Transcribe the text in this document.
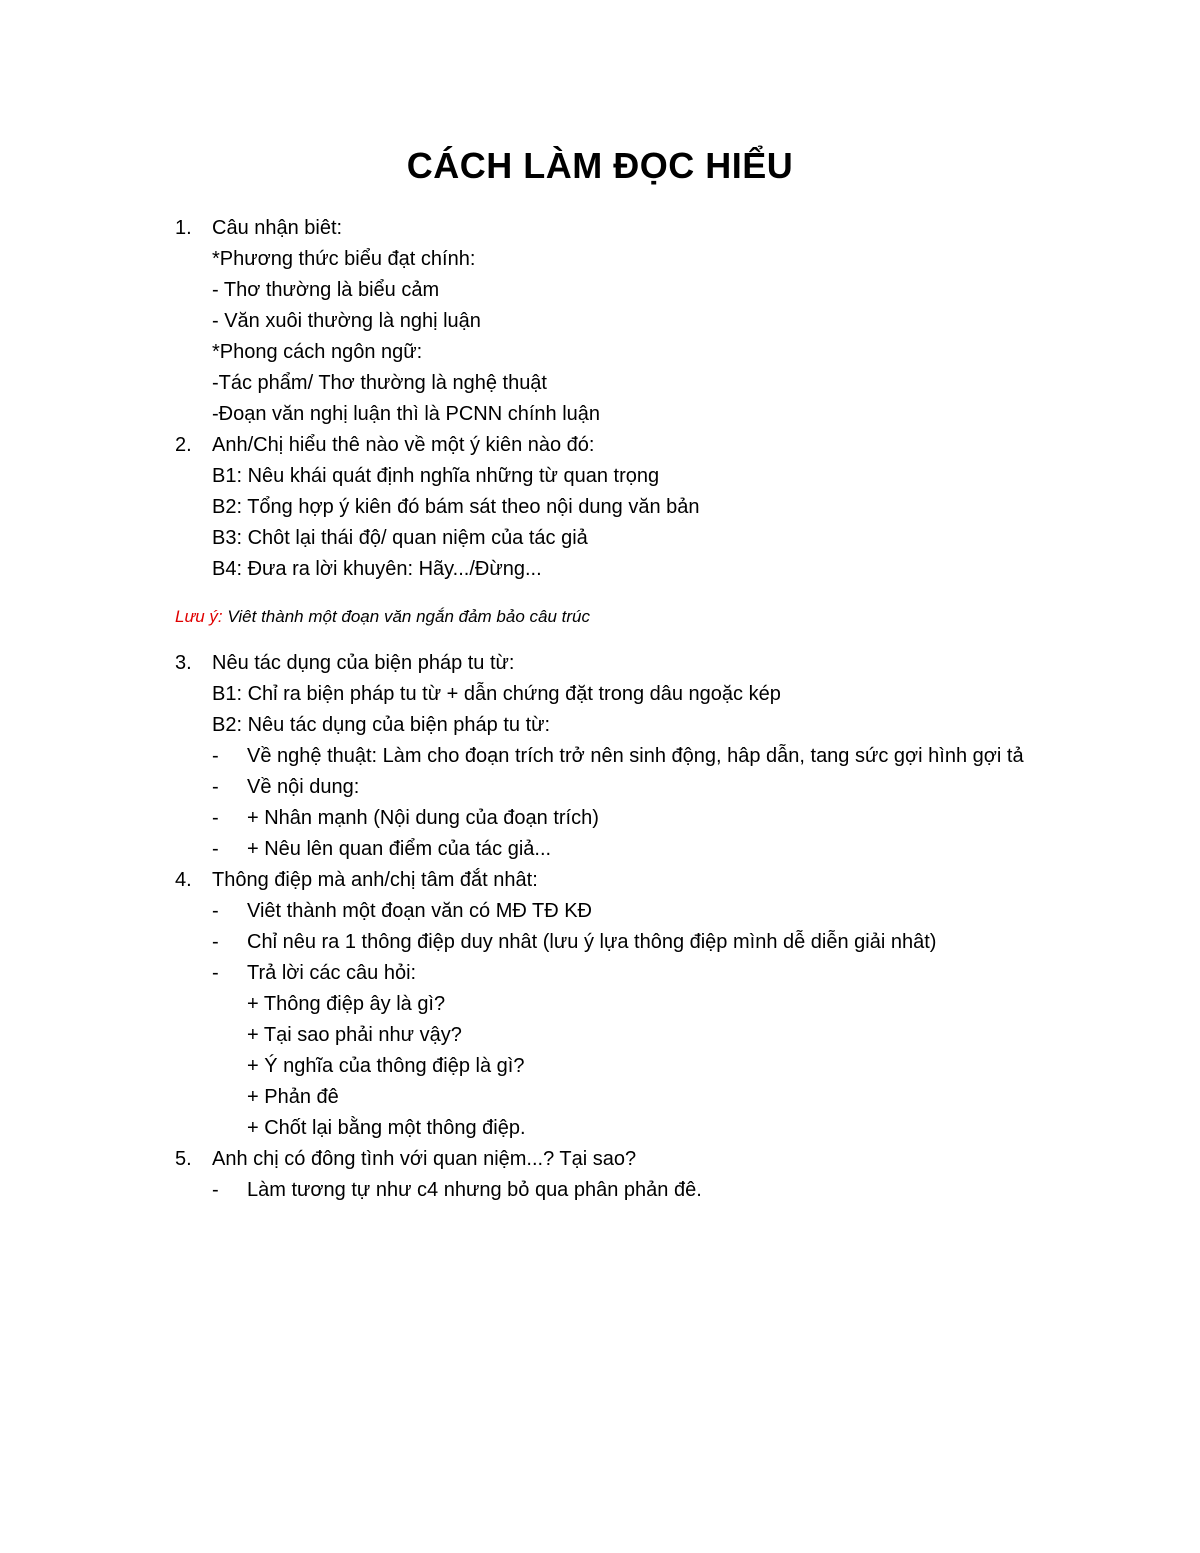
CÁCH LÀM ĐỌC HIỂU
1. Câu nhận biêt:
*Phương thức biểu đạt chính:
- Thơ thường là biểu cảm
- Văn xuôi thường là nghị luận
*Phong cách ngôn ngữ:
-Tác phẩm/ Thơ thường là nghệ thuật
-Đoạn văn nghị luận thì là PCNN chính luận
2. Anh/Chị hiểu thê nào về một ý kiên nào đó:
B1: Nêu khái quát định nghĩa những từ quan trọng
B2: Tổng hợp ý kiên đó bám sát theo nội dung văn bản
B3: Chôt lại thái độ/ quan niệm của tác giả
B4: Đưa ra lời khuyên: Hãy.../Đừng...
Lưu ý: Viêt thành một đoạn văn ngắn đảm bảo câu trúc
3. Nêu tác dụng của biện pháp tu từ:
B1: Chỉ ra biện pháp tu từ + dẫn chứng đặt trong dâu ngoặc kép
B2: Nêu tác dụng của biện pháp tu từ:
- Về nghệ thuật: Làm cho đoạn trích trở nên sinh động, hâp dẫn, tang sức gợi hình gợi tả
- Về nội dung:
- + Nhân mạnh (Nội dung của đoạn trích)
- + Nêu lên quan điểm của tác giả...
4. Thông điệp mà anh/chị tâm đắt nhât:
- Viêt thành một đoạn văn có MĐ TĐ KĐ
- Chỉ nêu ra 1 thông điệp duy nhât (lưu ý lựa thông điệp mình dễ diễn giải nhât)
- Trả lời các câu hỏi:
+ Thông điệp ây là gì?
+ Tại sao phải như vậy?
+ Ý nghĩa của thông điệp là gì?
+ Phản đê
+ Chốt lại bằng một thông điệp.
5. Anh chị có đông tình với quan niệm...? Tại sao?
- Làm tương tự như c4 nhưng bỏ qua phân phản đê.
